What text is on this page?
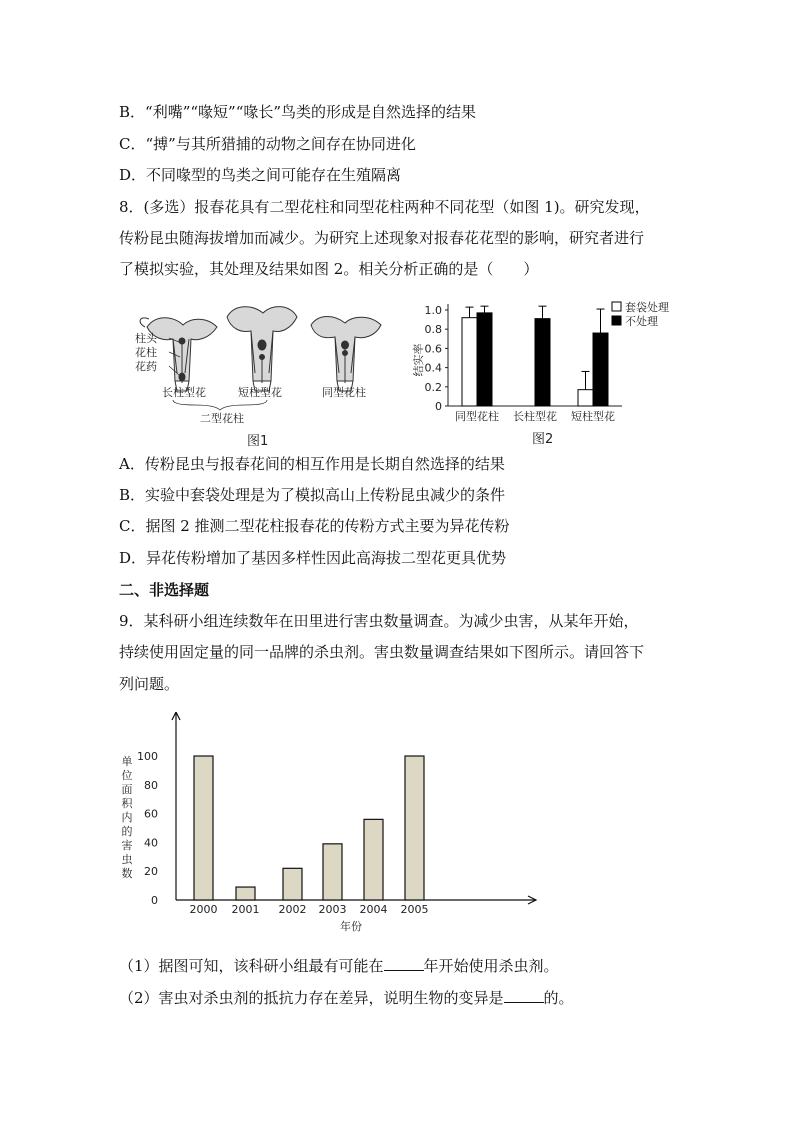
B．“利嘴”“喙短”“喙长”鸟类的形成是自然选择的结果
C．“搏”与其所猎捕的动物之间存在协同进化
D．不同喙型的鸟类之间可能存在生殖隔离
8．(多选）报春花具有二型花柱和同型花柱两种不同花型（如图 1)。研究发现，
传粉昆虫随海拔增加而减少。为研究上述现象对报春花花型的影响，研究者进行
了模拟实验，其处理及结果如图 2。相关分析正确的是（　　）
柱头
花柱
花药
长柱型花	短柱型花	同型花柱
二型花柱
图1
结实率
0
0.2
0.4
0.6
0.8
1.0
同型花柱 长柱型花 短柱型花
套袋处理
不处理
图2
A．传粉昆虫与报春花间的相互作用是长期自然选择的结果
B．实验中套袋处理是为了模拟高山上传粉昆虫减少的条件
C．据图 2 推测二型花柱报春花的传粉方式主要为异花传粉
D．异花传粉增加了基因多样性因此高海拔二型花更具优势
二、非选择题
9．某科研小组连续数年在田里进行害虫数量调查。为减少虫害，从某年开始，
持续使用固定量的同一品牌的杀虫剂。害虫数量调查结果如下图所示。请回答下
列问题。
单
位
面
积
内
的
害
虫
数
0
20
40
60
80
100
2000 2001 2002 2003 2004 2005
年份
（1）据图可知，该科研小组最有可能在	年开始使用杀虫剂。
（2）害虫对杀虫剂的抵抗力存在差异，说明生物的变异是	的。
